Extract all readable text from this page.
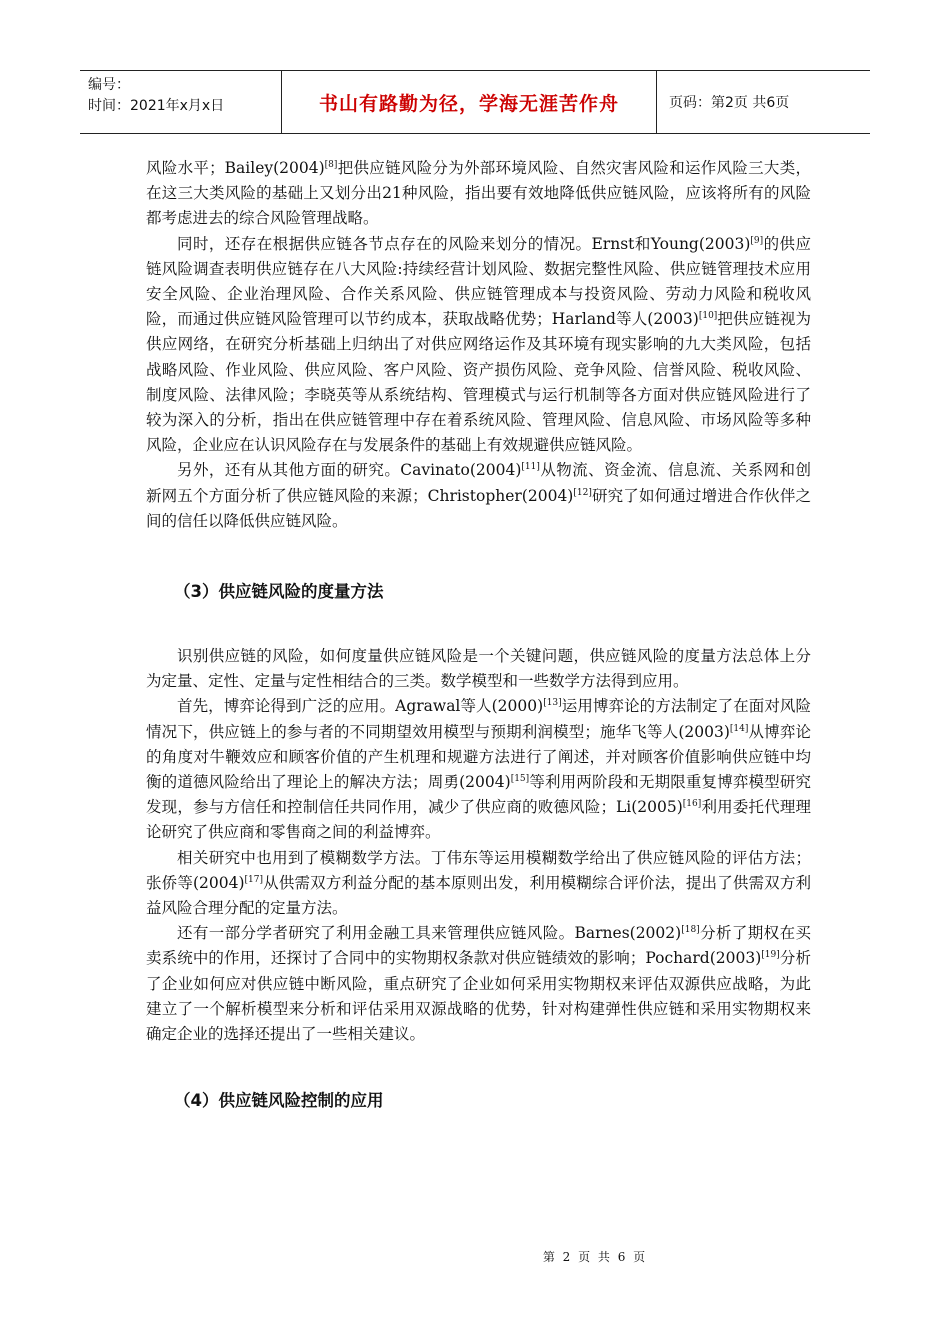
编号：
时间：2021年x月x日	书山有路勤为径，学海无涯苦作舟	页码：第2页 共6页

风险水平；Bailey(2004)[8]把供应链风险分为外部环境风险、自然灾害风险和运作风险三大类，在这三大类风险的基础上又划分出21种风险，指出要有效地降低供应链风险，应该将所有的风险都考虑进去的综合风险管理战略。

同时，还存在根据供应链各节点存在的风险来划分的情况。Ernst和Young(2003)[9]的供应链风险调查表明供应链存在八大风险:持续经营计划风险、数据完整性风险、供应链管理技术应用安全风险、企业治理风险、合作关系风险、供应链管理成本与投资风险、劳动力风险和税收风险，而通过供应链风险管理可以节约成本，获取战略优势；Harland等人(2003)[10]把供应链视为供应网络，在研究分析基础上归纳出了对供应网络运作及其环境有现实影响的九大类风险，包括战略风险、作业风险、供应风险、客户风险、资产损伤风险、竞争风险、信誉风险、税收风险、制度风险、法律风险；李晓英等从系统结构、管理模式与运行机制等各方面对供应链风险进行了较为深入的分析，指出在供应链管理中存在着系统风险、管理风险、信息风险、市场风险等多种风险，企业应在认识风险存在与发展条件的基础上有效规避供应链风险。

另外，还有从其他方面的研究。Cavinato(2004)[11]从物流、资金流、信息流、关系网和创新网五个方面分析了供应链风险的来源；Christopher(2004)[12]研究了如何通过增进合作伙伴之间的信任以降低供应链风险。

（3）供应链风险的度量方法

识别供应链的风险，如何度量供应链风险是一个关键问题，供应链风险的度量方法总体上分为定量、定性、定量与定性相结合的三类。数学模型和一些数学方法得到应用。

首先，博弈论得到广泛的应用。Agrawal等人(2000)[13]运用博弈论的方法制定了在面对风险情况下，供应链上的参与者的不同期望效用模型与预期利润模型；施华飞等人(2003)[14]从博弈论的角度对牛鞭效应和顾客价值的产生机理和规避方法进行了阐述，并对顾客价值影响供应链中均衡的道德风险给出了理论上的解决方法；周勇(2004)[15]等利用两阶段和无期限重复博弈模型研究发现，参与方信任和控制信任共同作用，减少了供应商的败德风险；Li(2005)[16]利用委托代理理论研究了供应商和零售商之间的利益博弈。

相关研究中也用到了模糊数学方法。丁伟东等运用模糊数学给出了供应链风险的评估方法；张侨等(2004)[17]从供需双方利益分配的基本原则出发，利用模糊综合评价法，提出了供需双方利益风险合理分配的定量方法。

还有一部分学者研究了利用金融工具来管理供应链风险。Barnes(2002)[18]分析了期权在买卖系统中的作用，还探讨了合同中的实物期权条款对供应链绩效的影响；Pochard(2003)[19]分析了企业如何应对供应链中断风险，重点研究了企业如何采用实物期权来评估双源供应战略，为此建立了一个解析模型来分析和评估采用双源战略的优势，针对构建弹性供应链和采用实物期权来确定企业的选择还提出了一些相关建议。

（4）供应链风险控制的应用
第 2 页 共 6 页
